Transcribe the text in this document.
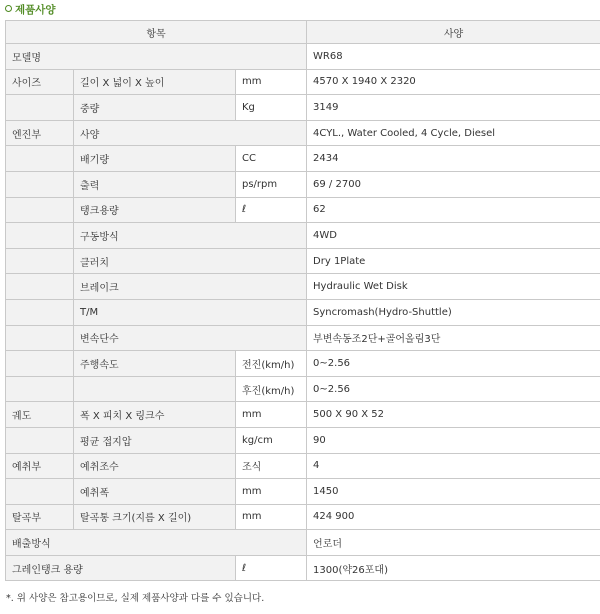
제품사양
항목			사양
모델명			WR68
사이즈	길이 X 넓이 X 높이	mm	4570 X 1940 X 2320
	중량	Kg	3149
엔진부	사양		4CYL., Water Cooled, 4 Cycle, Diesel
	배기량	CC	2434
	출력	ps/rpm	69 / 2700
	탱크용량	ℓ	62
	구동방식		4WD
	클러치		Dry 1Plate
	브레이크		Hydraulic Wet Disk
	T/M		Syncromash(Hydro-Shuttle)
	변속단수		부변속동조2단+골어올림3단
	주행속도	전진(km/h)	0~2.56
		후진(km/h)	0~2.56
궤도	폭 X 피치 X 링크수	mm	500 X 90 X 52
	평균 접지압	kg/cm	90
예취부	예취조수	조식	4
	예취폭	mm	1450
탈곡부	탈곡통 크기(지름 X 길이)	mm	424 900
배출방식			언로더
그레인탱크 용량		ℓ	1300(약26포대)
*. 위 사양은 참고용이므로, 실제 제품사양과 다를 수 있습니다.
